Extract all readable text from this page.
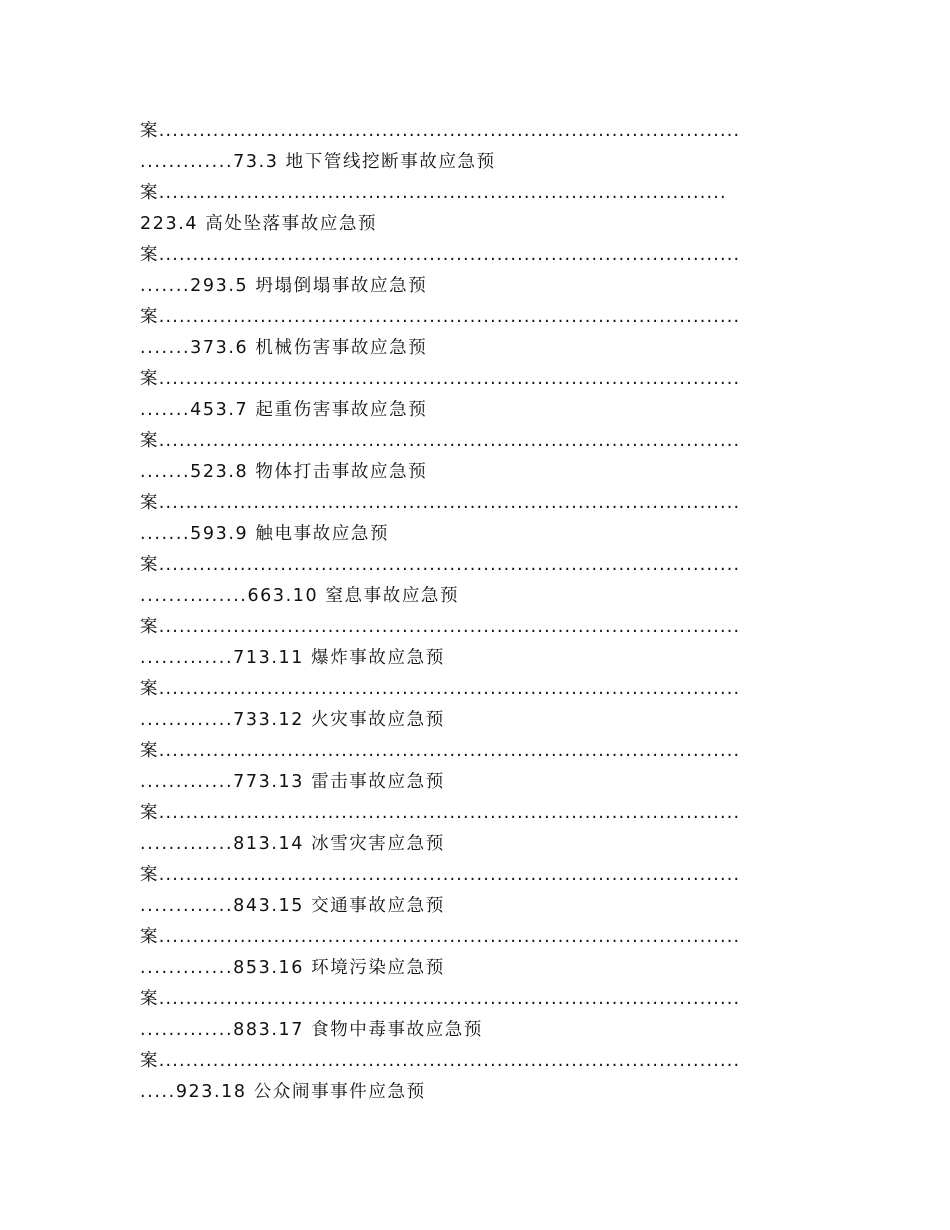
案......................................................................................
.............73.3 地下管线挖断事故应急预
案....................................................................................
223.4 高处坠落事故应急预
案......................................................................................
.......293.5 坍塌倒塌事故应急预
案......................................................................................
.......373.6 机械伤害事故应急预
案......................................................................................
.......453.7 起重伤害事故应急预
案......................................................................................
.......523.8 物体打击事故应急预
案......................................................................................
.......593.9 触电事故应急预
案......................................................................................
...............663.10 窒息事故应急预
案......................................................................................
.............713.11 爆炸事故应急预
案......................................................................................
.............733.12 火灾事故应急预
案......................................................................................
.............773.13 雷击事故应急预
案......................................................................................
.............813.14 冰雪灾害应急预
案......................................................................................
.............843.15 交通事故应急预
案......................................................................................
.............853.16 环境污染应急预
案......................................................................................
.............883.17 食物中毒事故应急预
案......................................................................................
.....923.18 公众闹事事件应急预
